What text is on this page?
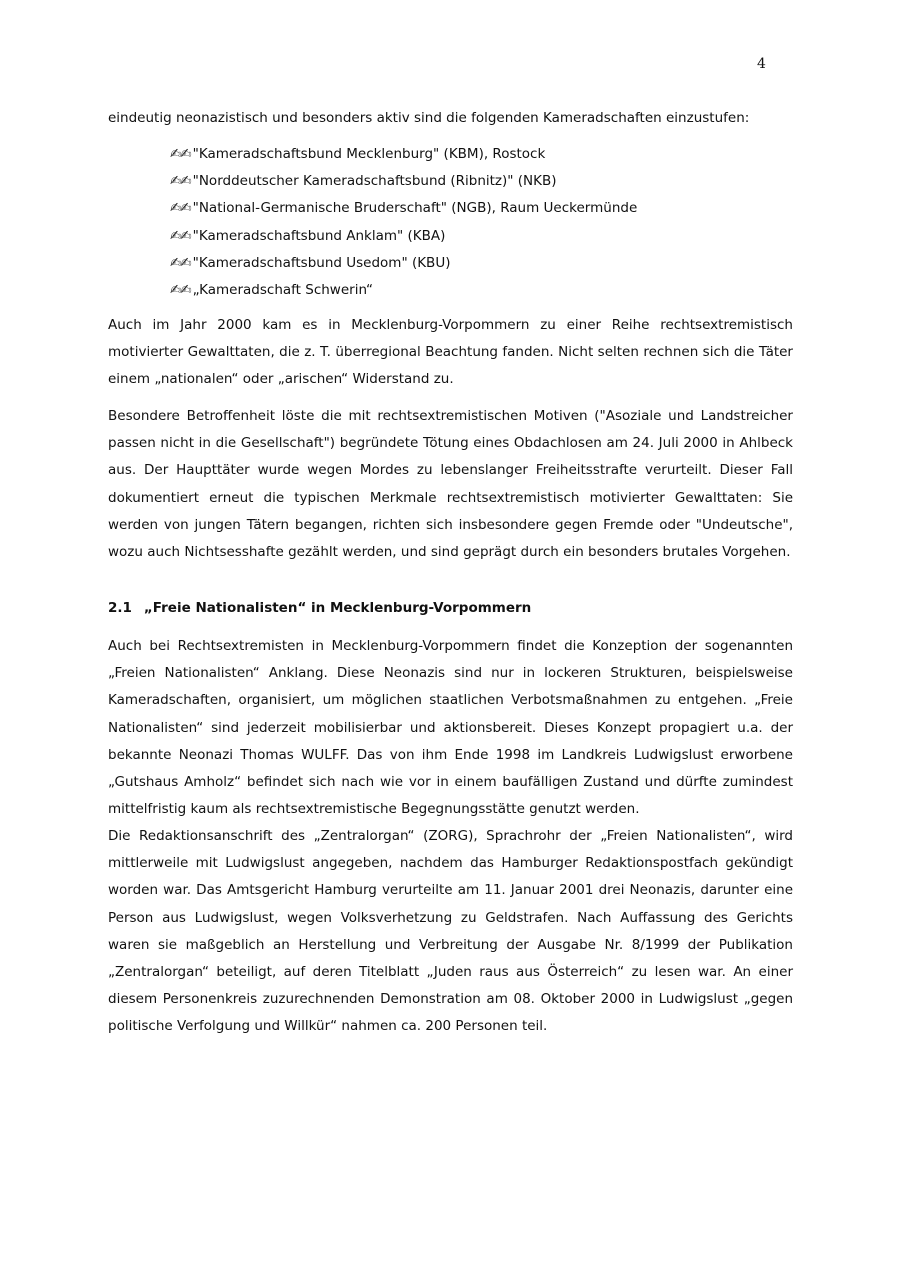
4
eindeutig neonazistisch und besonders aktiv sind die folgenden Kameradschaften einzustufen:
✍✍ "Kameradschaftsbund Mecklenburg" (KBM), Rostock
✍✍ "Norddeutscher Kameradschaftsbund (Ribnitz)" (NKB)
✍✍ "National-Germanische Bruderschaft" (NGB), Raum Ueckermünde
✍✍ "Kameradschaftsbund Anklam" (KBA)
✍✍ "Kameradschaftsbund Usedom" (KBU)
✍✍ „Kameradschaft Schwerin“

Auch im Jahr 2000 kam es in Mecklenburg-Vorpommern zu einer Reihe rechtsextremistisch motivierter Gewalttaten, die z. T. überregional Beachtung fanden. Nicht selten rechnen sich die Täter einem „nationalen“ oder „arischen“ Widerstand zu.

Besondere Betroffenheit löste die mit rechtsextremistischen Motiven ("Asoziale und Landstreicher passen nicht in die Gesellschaft") begründete Tötung eines Obdachlosen am 24. Juli 2000 in Ahlbeck aus. Der Haupttäter wurde wegen Mordes zu lebenslanger Freiheitsstrafte verurteilt. Dieser Fall dokumentiert erneut die typischen Merkmale rechtsextremistisch motivierter Gewalttaten: Sie werden von jungen Tätern begangen, richten sich insbesondere gegen Fremde oder "Undeutsche", wozu auch Nichtsesshafte gezählt werden, und sind geprägt durch ein besonders brutales Vorgehen.

2.1 „Freie Nationalisten“ in Mecklenburg-Vorpommern

Auch bei Rechtsextremisten in Mecklenburg-Vorpommern findet die Konzeption der sogenannten „Freien Nationalisten“ Anklang. Diese Neonazis sind nur in lockeren Strukturen, beispielsweise Kameradschaften, organisiert, um möglichen staatlichen Verbotsmaßnahmen zu entgehen. „Freie Nationalisten“ sind jederzeit mobilisierbar und aktionsbereit. Dieses Konzept propagiert u.a. der bekannte Neonazi Thomas WULFF. Das von ihm Ende 1998 im Landkreis Ludwigslust erworbene „Gutshaus Amholz“ befindet sich nach wie vor in einem baufälligen Zustand und dürfte zumindest mittelfristig kaum als rechtsextremistische Begegnungsstätte genutzt werden.

Die Redaktionsanschrift des „Zentralorgan“ (ZORG), Sprachrohr der „Freien Nationalisten“, wird mittlerweile mit Ludwigslust angegeben, nachdem das Hamburger Redaktionspostfach gekündigt worden war. Das Amtsgericht Hamburg verurteilte am 11. Januar 2001 drei Neonazis, darunter eine Person aus Ludwigslust, wegen Volksverhetzung zu Geldstrafen. Nach Auffassung des Gerichts waren sie maßgeblich an Herstellung und Verbreitung der Ausgabe Nr. 8/1999 der Publikation „Zentralorgan“ beteiligt, auf deren Titelblatt „Juden raus aus Österreich“ zu lesen war. An einer diesem Personenkreis zuzurechnenden Demonstration am 08. Oktober 2000 in Ludwigslust „gegen politische Verfolgung und Willkür“ nahmen ca. 200 Personen teil.
